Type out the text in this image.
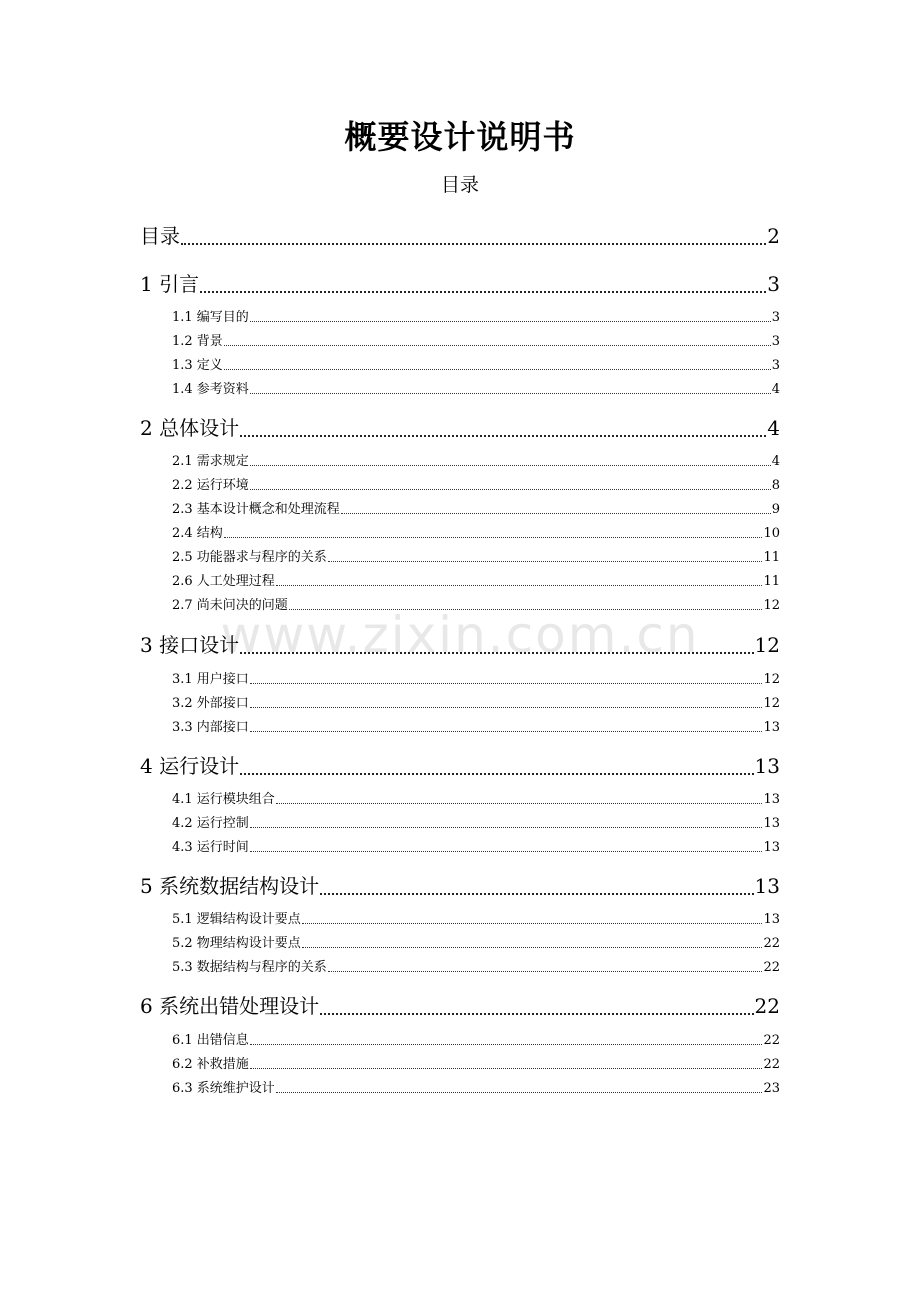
概要设计说明书
目录
www.zixin.com.cn
目录	2
1 引言	3
1.1 编写目的	3
1.2 背景	3
1.3 定义	3
1.4 参考资料	4
2 总体设计	4
2.1 需求规定	4
2.2 运行环境	8
2.3 基本设计概念和处理流程	9
2.4 结构	10
2.5 功能器求与程序的关系	11
2.6 人工处理过程	11
2.7 尚未问决的问题	12
3 接口设计	12
3.1 用户接口	12
3.2 外部接口	12
3.3 内部接口	13
4 运行设计	13
4.1 运行模块组合	13
4.2 运行控制	13
4.3 运行时间	13
5 系统数据结构设计	13
5.1 逻辑结构设计要点	13
5.2 物理结构设计要点	22
5.3 数据结构与程序的关系	22
6 系统出错处理设计	22
6.1 出错信息	22
6.2 补救措施	22
6.3 系统维护设计	23
